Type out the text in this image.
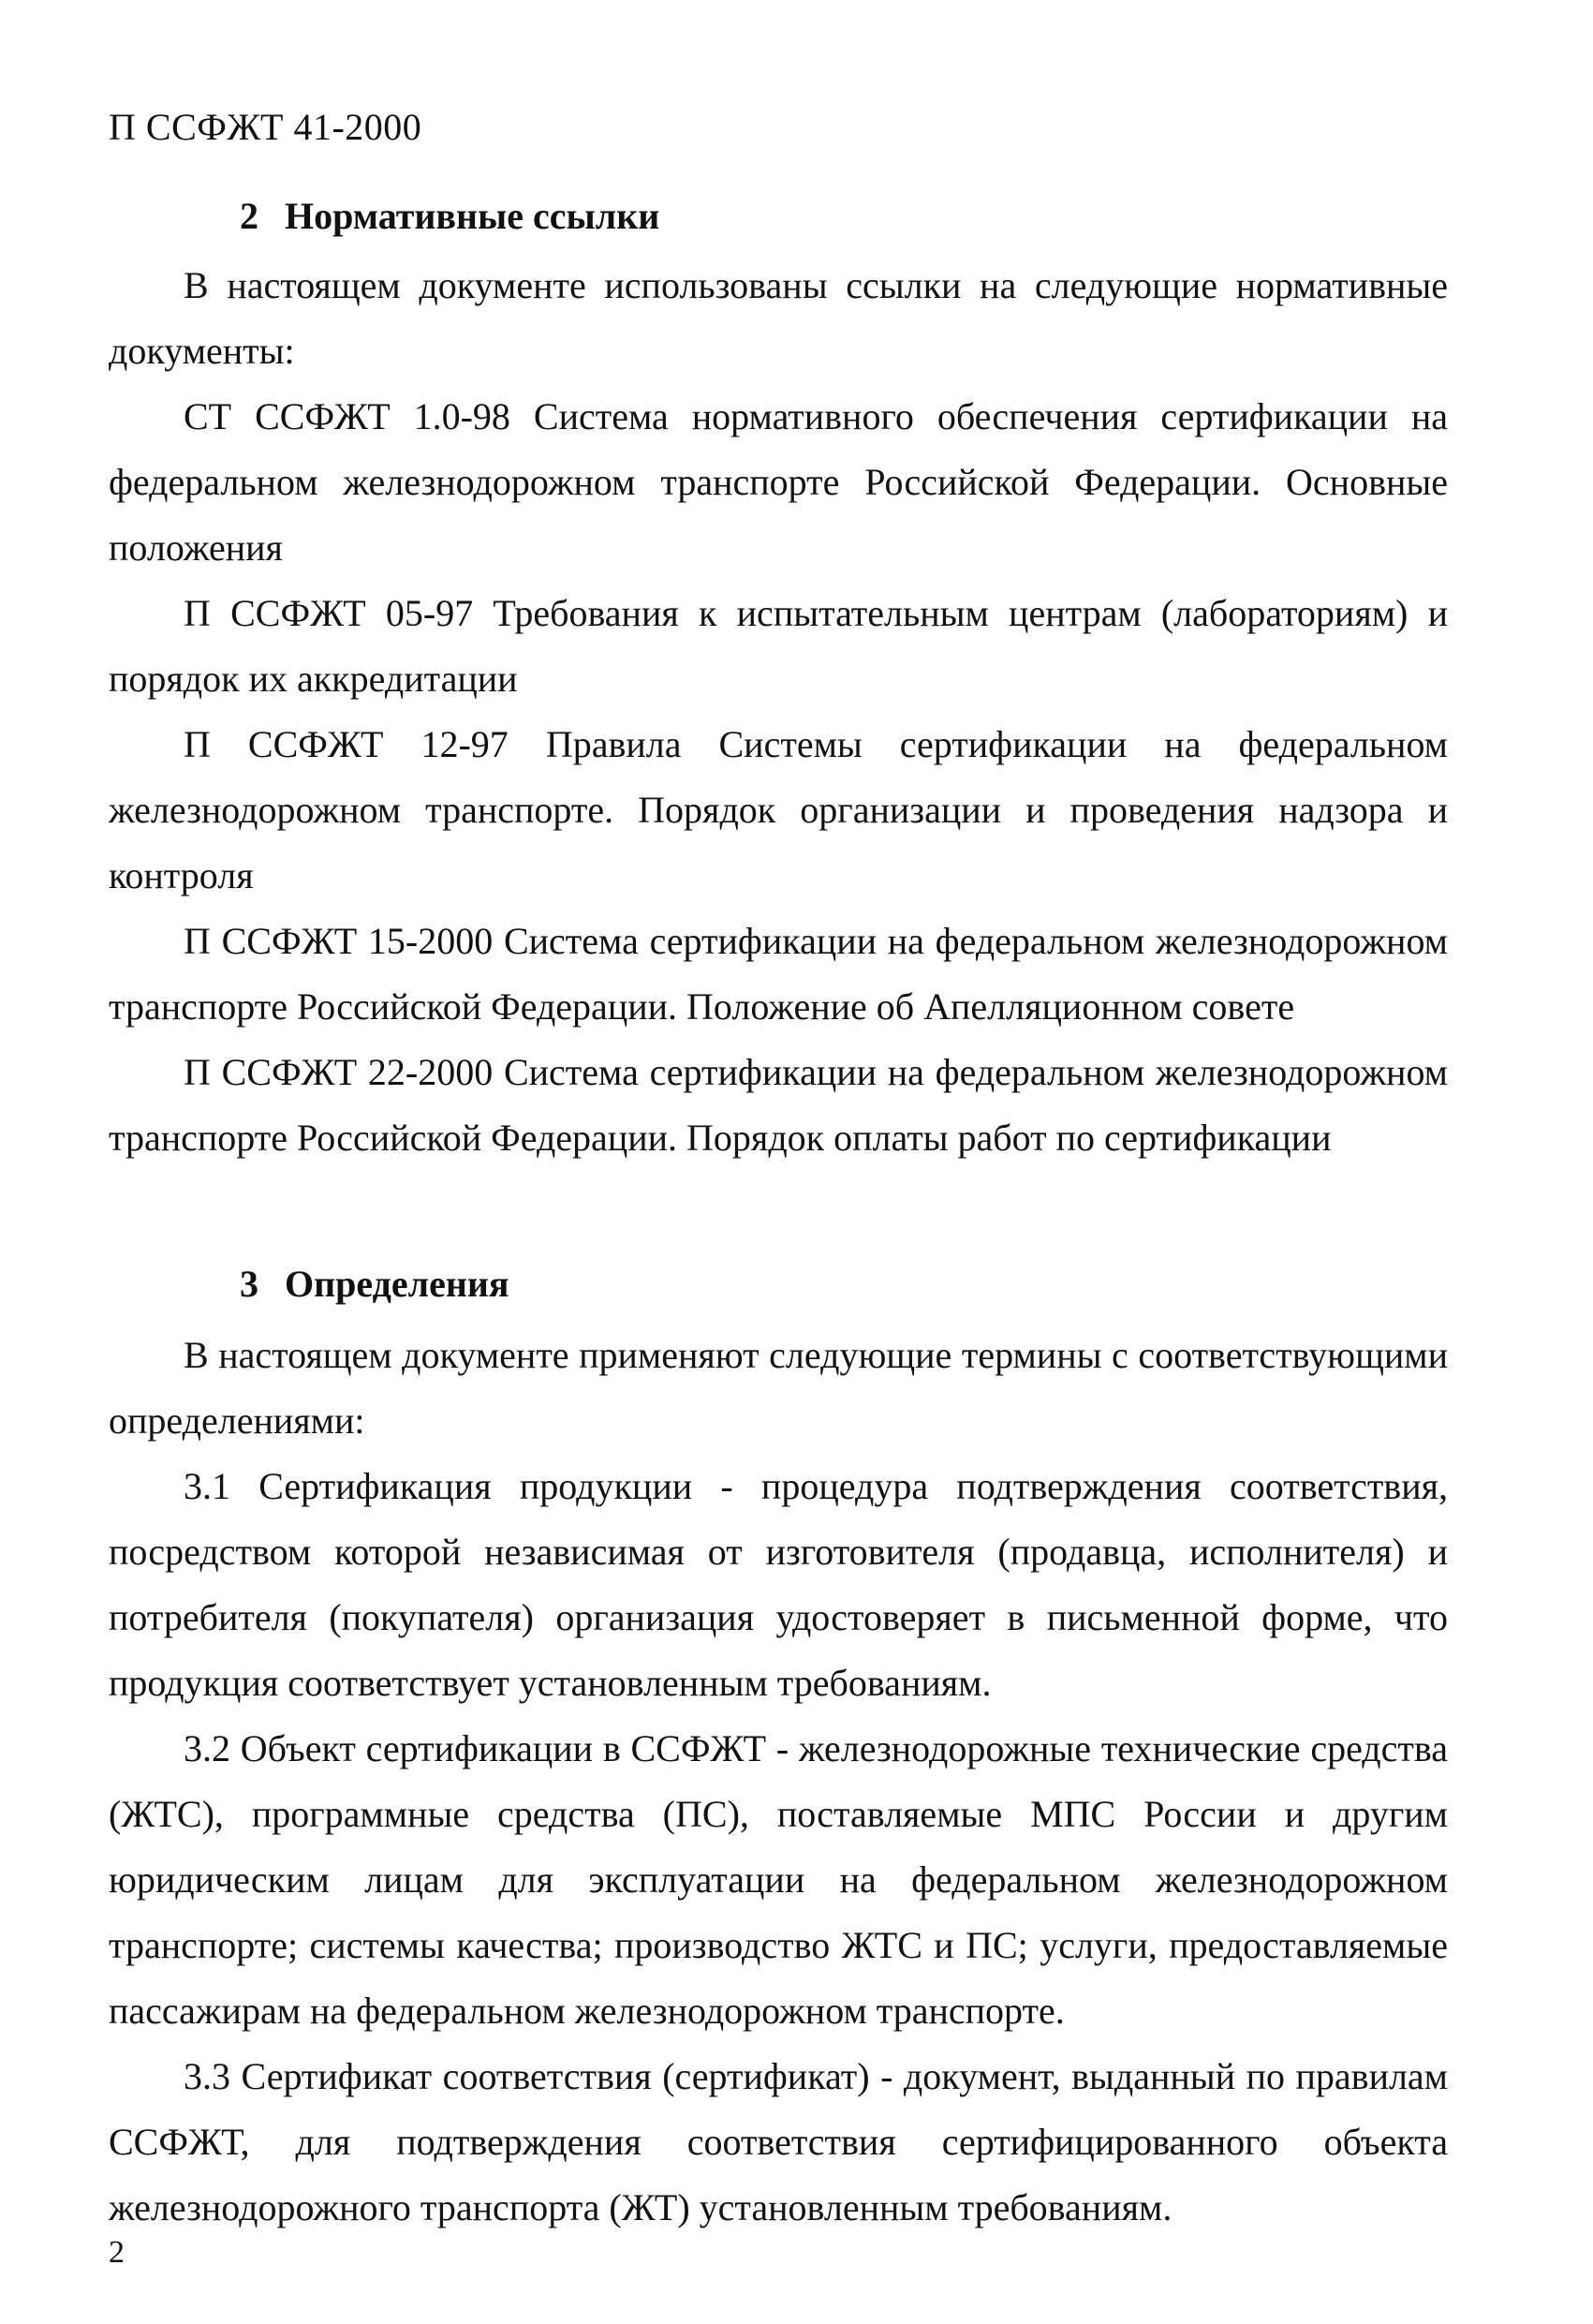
П ССФЖТ 41-2000
2 Нормативные ссылки

В настоящем документе использованы ссылки на следующие нормативные документы:

СТ ССФЖТ 1.0-98 Система нормативного обеспечения сертификации на федеральном железнодорожном транспорте Российской Федерации. Основные положения

П ССФЖТ 05-97 Требования к испытательным центрам (лабораториям) и порядок их аккредитации

П ССФЖТ 12-97 Правила Системы сертификации на федеральном железнодорожном транспорте. Порядок организации и проведения надзора и контроля

П ССФЖТ 15-2000 Система сертификации на федеральном железнодорожном транспорте Российской Федерации. Положение об Апелляционном совете

П ССФЖТ 22-2000 Система сертификации на федеральном железнодорожном транспорте Российской Федерации. Порядок оплаты работ по сертификации

3 Определения

В настоящем документе применяют следующие термины с соответствующими определениями:

3.1 Сертификация продукции - процедура подтверждения соответствия, посредством которой независимая от изготовителя (продавца, исполнителя) и потребителя (покупателя) организация удостоверяет в письменной форме, что продукция соответствует установленным требованиям.

3.2 Объект сертификации в ССФЖТ - железнодорожные технические средства (ЖТС), программные средства (ПС), поставляемые МПС России и другим юридическим лицам для эксплуатации на федеральном железнодорожном транспорте; системы качества; производство ЖТС и ПС; услуги, предоставляемые пассажирам на федеральном железнодорожном транспорте.

3.3 Сертификат соответствия (сертификат) - документ, выданный по правилам ССФЖТ, для подтверждения соответствия сертифицированного объекта железнодорожного транспорта (ЖТ) установленным требованиям.

2
